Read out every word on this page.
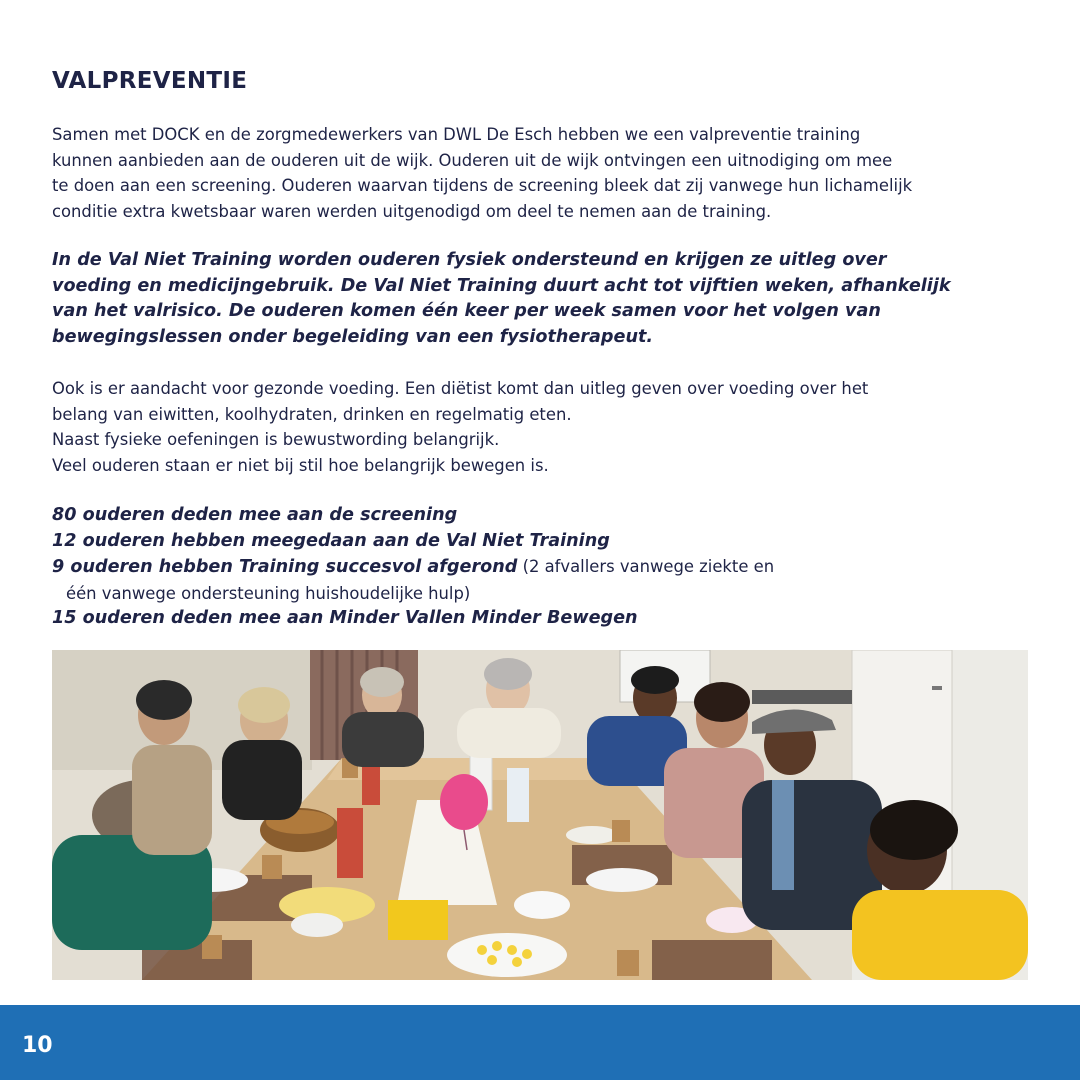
VALPREVENTIE
Samen met DOCK en de zorgmedewerkers van DWL De Esch hebben we een valpreventie training
kunnen aanbieden aan de ouderen uit de wijk. Ouderen uit de wijk ontvingen een uitnodiging om mee
te doen aan een screening. Ouderen waarvan tijdens de screening bleek dat zij vanwege hun lichamelijk
conditie extra kwetsbaar waren werden uitgenodigd om deel te nemen aan de training.
In de Val Niet Training worden ouderen fysiek ondersteund en krijgen ze uitleg over
voeding en medicijngebruik. De Val Niet Training duurt acht tot vijftien weken, afhankelijk
van het valrisico. De ouderen komen één keer per week samen voor het volgen van
bewegingslessen onder begeleiding van een fysiotherapeut.
Ook is er aandacht voor gezonde voeding. Een diëtist komt dan uitleg geven over voeding over het
belang van eiwitten, koolhydraten, drinken en regelmatig eten.
Naast fysieke oefeningen is bewustwording belangrijk.
Veel ouderen staan er niet bij stil hoe belangrijk bewegen is.
80 ouderen deden mee aan de screening
12 ouderen hebben meegedaan aan de Val Niet Training
9 ouderen hebben Training succesvol afgerond (2 afvallers vanwege ziekte en
één vanwege ondersteuning huishoudelijke hulp)
15 ouderen deden mee aan Minder Vallen Minder Bewegen
10
